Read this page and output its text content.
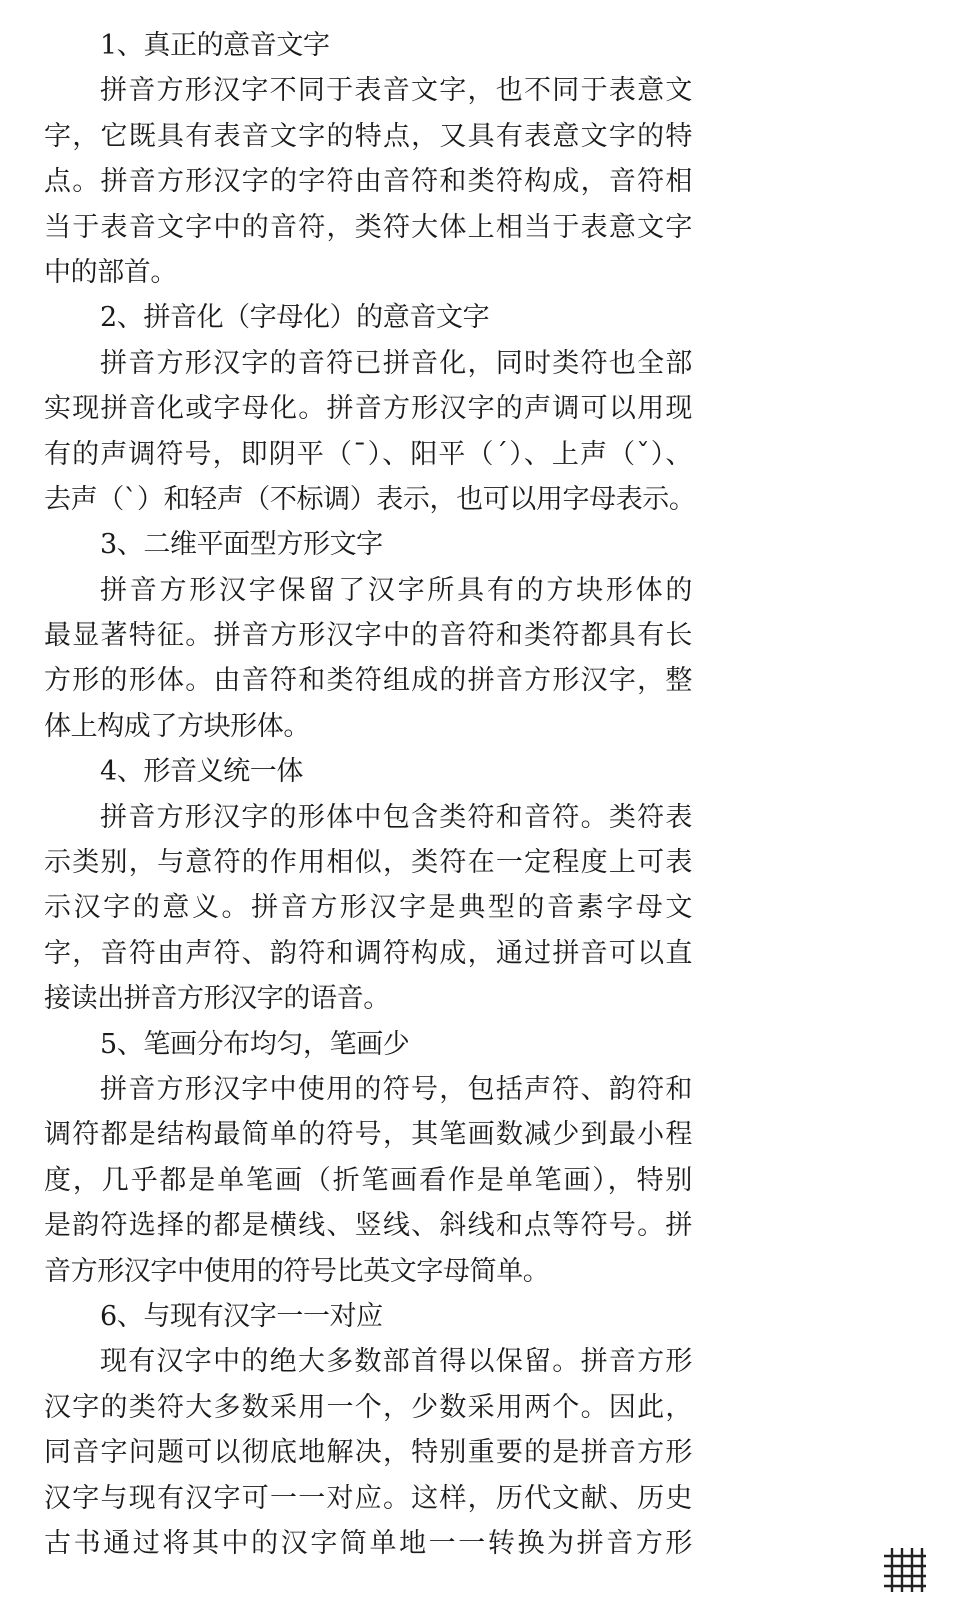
1、真正的意音文字
拼音方形汉字不同于表音文字，也不同于表意文
字，它既具有表音文字的特点，又具有表意文字的特
点。拼音方形汉字的字符由音符和类符构成，音符相
当于表音文字中的音符，类符大体上相当于表意文字
中的部首。
2、拼音化（字母化）的意音文字
拼音方形汉字的音符已拼音化，同时类符也全部
实现拼音化或字母化。拼音方形汉字的声调可以用现
有的声调符号，即阴平（ˉ）、阳平（ˊ）、上声（ˇ）、
去声（ˋ）和轻声（不标调）表示，也可以用字母表示。
3、二维平面型方形文字
拼音方形汉字保留了汉字所具有的方块形体的
最显著特征。拼音方形汉字中的音符和类符都具有长
方形的形体。由音符和类符组成的拼音方形汉字，整
体上构成了方块形体。
4、形音义统一体
拼音方形汉字的形体中包含类符和音符。类符表
示类别，与意符的作用相似，类符在一定程度上可表
示汉字的意义。拼音方形汉字是典型的音素字母文
字，音符由声符、韵符和调符构成，通过拼音可以直
接读出拼音方形汉字的语音。
5、笔画分布均匀，笔画少
拼音方形汉字中使用的符号，包括声符、韵符和
调符都是结构最简单的符号，其笔画数减少到最小程
度，几乎都是单笔画（折笔画看作是单笔画），特别
是韵符选择的都是横线、竖线、斜线和点等符号。拼
音方形汉字中使用的符号比英文字母简单。
6、与现有汉字一一对应
现有汉字中的绝大多数部首得以保留。拼音方形
汉字的类符大多数采用一个，少数采用两个。因此，
同音字问题可以彻底地解决，特别重要的是拼音方形
汉字与现有汉字可一一对应。这样，历代文献、历史
古书通过将其中的汉字简单地一一转换为拼音方形
